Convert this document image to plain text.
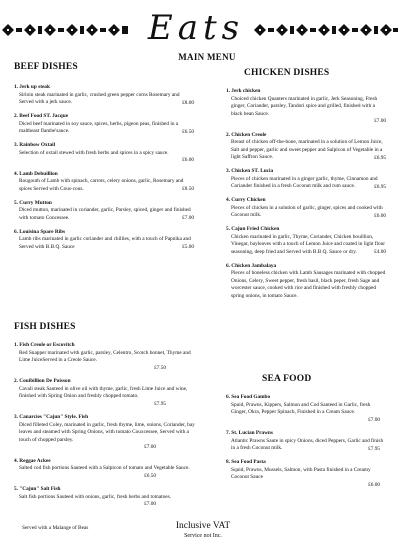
Eats
MAIN MENU
BEEF DISHES
1. Jerk up steak
Sirloin steak marinated in garlic, crushed green pepper corns Rosemary and Served with a jerk sauce.	£8.00
2. Beef Food ST. Jacque
Diced beef marinated in soy sauce, spices, herbs, pigeon peas, finished in a maltheast flambe'sauce.	£6.50
3. Rainbow Oxtail
Selection of oxtail stewed with fresh herbs and spices in a spicy sauce.
£6.00
4. Lamb Debuillion
Rougouth of Lamb with spinach, carrots, celery onions, garlic, Rosemary and spices Served with Cous-cous.	£8.50
5. Curry Mutton
Diced mutton, marinated in coriander, garlic, Parsley, spiced, ginger and finished with tomato Concessee.	£7.00
6. Louisina Spare Ribs
Lamb ribs marinated in garlic coriander and chillies, with a touch of Papnika and Served with B.B.Q. Sauce	£5.00
FISH DISHES
1. Fish Creole or Escovitch
Red Snapper marinated with garlic, parsley, Celentro, Scotch bonnet, Thyme and Lime JuiceServed in a Creole Sauce.
£7.50
2. Couibillion De Poisson
Cavali steak Sauteed in olive oil with thyme, garlic, fresh Lime Juice and wine, finished with Spring Onion and freshly chopped tomato.
£7.95
3. Canarcies "Cajun" Style. Fish
Diced filleted Coley, marinated in garlic, fresh thyme, lime, onions, Coriander, bay leaves and steamed with Spring Onions, with tomato Couxcessee, Served with a touch of chopped parsley.
£7.00
4. Reggae Ackee
Salted cod fish portions Sauteed with a Salpicon of tomato and Vegetable Sauce.
£6.50
5. "Cajun" Salt Fish
Salt fish portions Sauteed with onions, garlic, fresh herbs and tomatoes.
£7.00
Served with a Malange of Beas
CHICKEN DISHES
1. Jerk chicken
Choiced chicken Quanters marinated in garlic, Jerk Seasoning, Fresh ginger, Coriander, parsley, Tandori spice and grilled, finished with a black bean Sauce.
£7.00
2. Chicken Creole
Breast of chicken off-the-bone, marinated in a solution of Lemon Juice, Salt and pepper, garlic and sweet pepper and Salpicon of Vegetable in a light Saffron Sauce.	£6.95
3. Chicken ST. Lucia
Pieces of chicken marinated in a ginger garlic, thyme, Cinnamon and Coriander finished in a fresh Coconut milk and rum sauce.	£6.95
4. Curry Chicken
Pieces of chicken in a solution of garlic, ginger, spices and cooked with Coconut milk.	£6.00
5. Cajun Fried Chicken
Chicken marinated in garlic, Thyme, Coriander, Chicken bouillion, Vinegar, bayleaves with a touch of Lemon Juice and coated in light flour seasoning, deep fried and Served with B.B.Q. Sauce or dry.	£4.00
6. Chicken Jambalaya
Pieces of boneless chicken with Lamb Sausages marinated with chopped Onions, Celery, Sweet pepper, fresh basil, black peper, fresh Sage and worcester sauce, cooked with rice and finished with freshly chopped spring onions, in tomato Sauce.
SEA FOOD
6. Sea Food Gambo
Spuid, Prawns, Kippers, Salmon and Cod Santeed in Garlic, fresh Ginger, Okra, Pepper Spinach, Finished in a Cream Sauce.
£7.00
7. St. Lucian Prawns
Atlantic Prawns Saute in spicy Onions, diced Peppers, Garlic and finish in a fresh Coconut milk.	£7.95
8. Sea Food Pasta
Squid, Prawns, Mussels, Salmon, with Pasta finished in a Creamy Coconut Sauce
£6.00
Inclusive VAT
Service not Inc.
